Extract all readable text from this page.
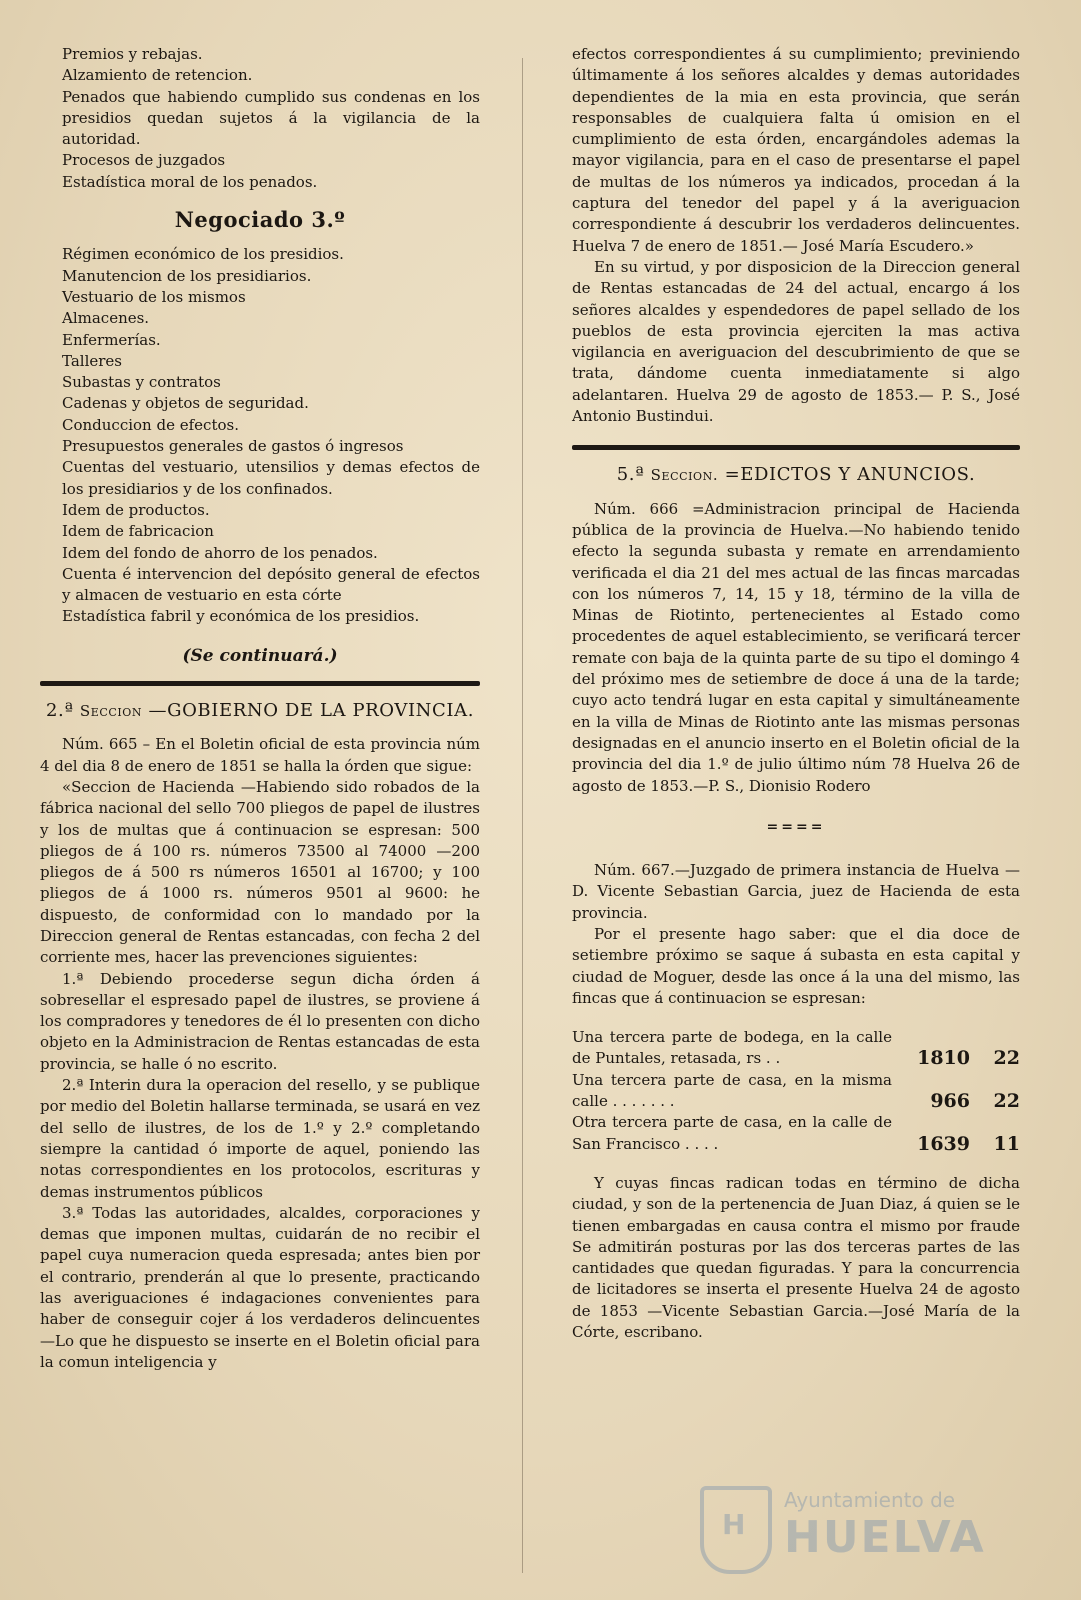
Premios y rebajas.

Alzamiento de retencion.

Penados que habiendo cumplido sus condenas en los presidios quedan sujetos á la vigilancia de la autoridad.

Procesos de juzgados

Estadística moral de los penados.

Negociado 3.º

Régimen económico de los presidios.

Manutencion de los presidiarios.

Vestuario de los mismos

Almacenes.

Enfermerías.

Talleres

Subastas y contratos

Cadenas y objetos de seguridad.

Conduccion de efectos.

Presupuestos generales de gastos ó ingresos

Cuentas del vestuario, utensilios y demas efectos de los presidiarios y de los confinados.

Idem de productos.

Idem de fabricacion

Idem del fondo de ahorro de los penados.

Cuenta é intervencion del depósito general de efectos y almacen de vestuario en esta córte

Estadística fabril y económica de los presidios.

(Se continuará.)
2.ª Seccion —GOBIERNO DE LA PROVINCIA.

Núm. 665 – En el Boletin oficial de esta provincia núm 4 del dia 8 de enero de 1851 se halla la órden que sigue:

«Seccion de Hacienda —Habiendo sido robados de la fábrica nacional del sello 700 pliegos de papel de ilustres y los de multas que á continuacion se espresan: 500 pliegos de á 100 rs. números 73500 al 74000 —200 pliegos de á 500 rs números 16501 al 16700; y 100 pliegos de á 1000 rs. números 9501 al 9600: he dispuesto, de conformidad con lo mandado por la Direccion general de Rentas estancadas, con fecha 2 del corriente mes, hacer las prevenciones siguientes:

1.ª Debiendo procederse segun dicha órden á sobresellar el espresado papel de ilustres, se proviene á los compradores y tenedores de él lo presenten con dicho objeto en la Administracion de Rentas estancadas de esta provincia, se halle ó no escrito.

2.ª Interin dura la operacion del resello, y se publique por medio del Boletin hallarse terminada, se usará en vez del sello de ilustres, de los de 1.º y 2.º completando siempre la cantidad ó importe de aquel, poniendo las notas correspondientes en los protocolos, escrituras y demas instrumentos públicos

3.ª Todas las autoridades, alcaldes, corporaciones y demas que imponen multas, cuidarán de no recibir el papel cuya numeracion queda espresada; antes bien por el contrario, prenderán al que lo presente, practicando las averiguaciones é indagaciones convenientes para haber de conseguir cojer á los verdaderos delincuentes —Lo que he dispuesto se inserte en el Boletin oficial para la comun inteligencia y

efectos correspondientes á su cumplimiento; previniendo últimamente á los señores alcaldes y demas autoridades dependientes de la mia en esta provincia, que serán responsables de cualquiera falta ú omision en el cumplimiento de esta órden, encargándoles ademas la mayor vigilancia, para en el caso de presentarse el papel de multas de los números ya indicados, procedan á la captura del tenedor del papel y á la averiguacion correspondiente á descubrir los verdaderos delincuentes. Huelva 7 de enero de 1851.— José María Escudero.»

En su virtud, y por disposicion de la Direccion general de Rentas estancadas de 24 del actual, encargo á los señores alcaldes y espendedores de papel sellado de los pueblos de esta provincia ejerciten la mas activa vigilancia en averiguacion del descubrimiento de que se trata, dándome cuenta inmediatamente si algo adelantaren. Huelva 29 de agosto de 1853.— P. S., José Antonio Bustindui.

5.ª Seccion. =EDICTOS Y ANUNCIOS.

Núm. 666 =Administracion principal de Hacienda pública de la provincia de Huelva.—No habiendo tenido efecto la segunda subasta y remate en arrendamiento verificada el dia 21 del mes actual de las fincas marcadas con los números 7, 14, 15 y 18, término de la villa de Minas de Riotinto, pertenecientes al Estado como procedentes de aquel establecimiento, se verificará tercer remate con baja de la quinta parte de su tipo el domingo 4 del próximo mes de setiembre de doce á una de la tarde; cuyo acto tendrá lugar en esta capital y simultáneamente en la villa de Minas de Riotinto ante las mismas personas designadas en el anuncio inserto en el Boletin oficial de la provincia del dia 1.º de julio último núm 78 Huelva 26 de agosto de 1853.—P. S., Dionisio Rodero

====

Núm. 667.—Juzgado de primera instancia de Huelva —D. Vicente Sebastian Garcia, juez de Hacienda de esta provincia.

Por el presente hago saber: que el dia doce de setiembre próximo se saque á subasta en esta capital y ciudad de Moguer, desde las once á la una del mismo, las fincas que á continuacion se espresan:

Una tercera parte de bodega, en la calle de Puntales, retasada, rs . .	1810	22
Una tercera parte de casa, en la misma calle . . . . . . .	966	22
Otra tercera parte de casa, en la calle de San Francisco . . . .	1639	11

Y cuyas fincas radican todas en término de dicha ciudad, y son de la pertenencia de Juan Diaz, á quien se le tienen embargadas en causa contra el mismo por fraude Se admitirán posturas por las dos terceras partes de las cantidades que quedan figuradas. Y para la concurrencia de licitadores se inserta el presente Huelva 24 de agosto de 1853 —Vicente Sebastian Garcia.—José María de la Córte, escribano.

H
Ayuntamiento de
HUELVA
